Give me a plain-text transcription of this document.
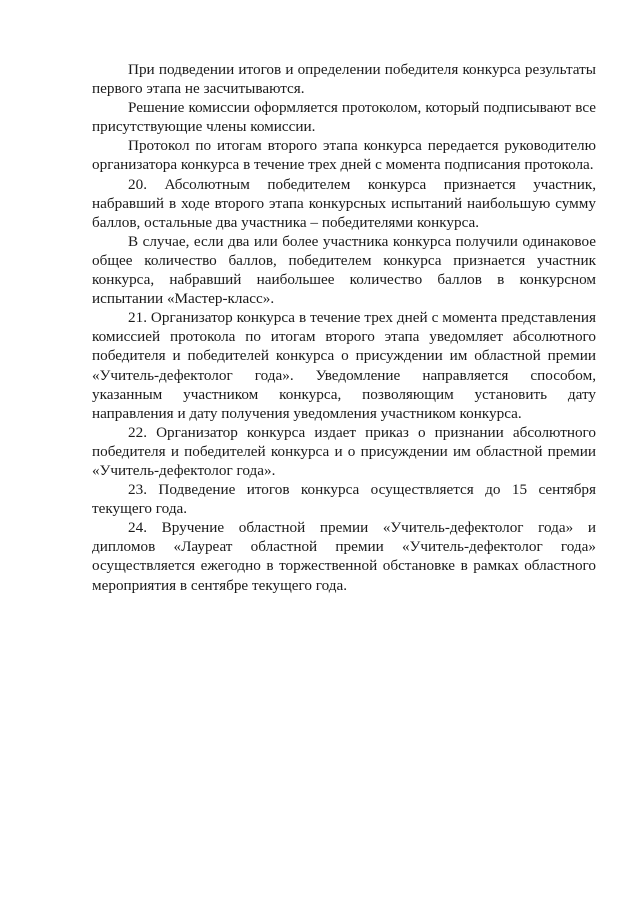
При подведении итогов и определении победителя конкурса результаты первого этапа не засчитываются.

Решение комиссии оформляется протоколом, который подписывают все присутствующие члены комиссии.

Протокол по итогам второго этапа конкурса передается руководителю организатора конкурса в течение трех дней с момента подписания протокола.

20. Абсолютным победителем конкурса признается участник, набравший в ходе второго этапа конкурсных испытаний наибольшую сумму баллов, остальные два участника – победителями конкурса.

В случае, если два или более участника конкурса получили одинаковое общее количество баллов, победителем конкурса признается участник конкурса, набравший наибольшее количество баллов в конкурсном испытании «Мастер-класс».

21. Организатор конкурса в течение трех дней с момента представления комиссией протокола по итогам второго этапа уведомляет абсолютного победителя и победителей конкурса о присуждении им областной премии «Учитель-дефектолог года». Уведомление направляется способом, указанным участником конкурса, позволяющим установить дату направления и дату получения уведомления участником конкурса.

22. Организатор конкурса издает приказ о признании абсолютного победителя и победителей конкурса и о присуждении им областной премии «Учитель-дефектолог года».

23. Подведение итогов конкурса осуществляется до 15 сентября текущего года.

24. Вручение областной премии «Учитель-дефектолог года» и дипломов «Лауреат областной премии «Учитель-дефектолог года» осуществляется ежегодно в торжественной обстановке в рамках областного мероприятия в сентябре текущего года.
